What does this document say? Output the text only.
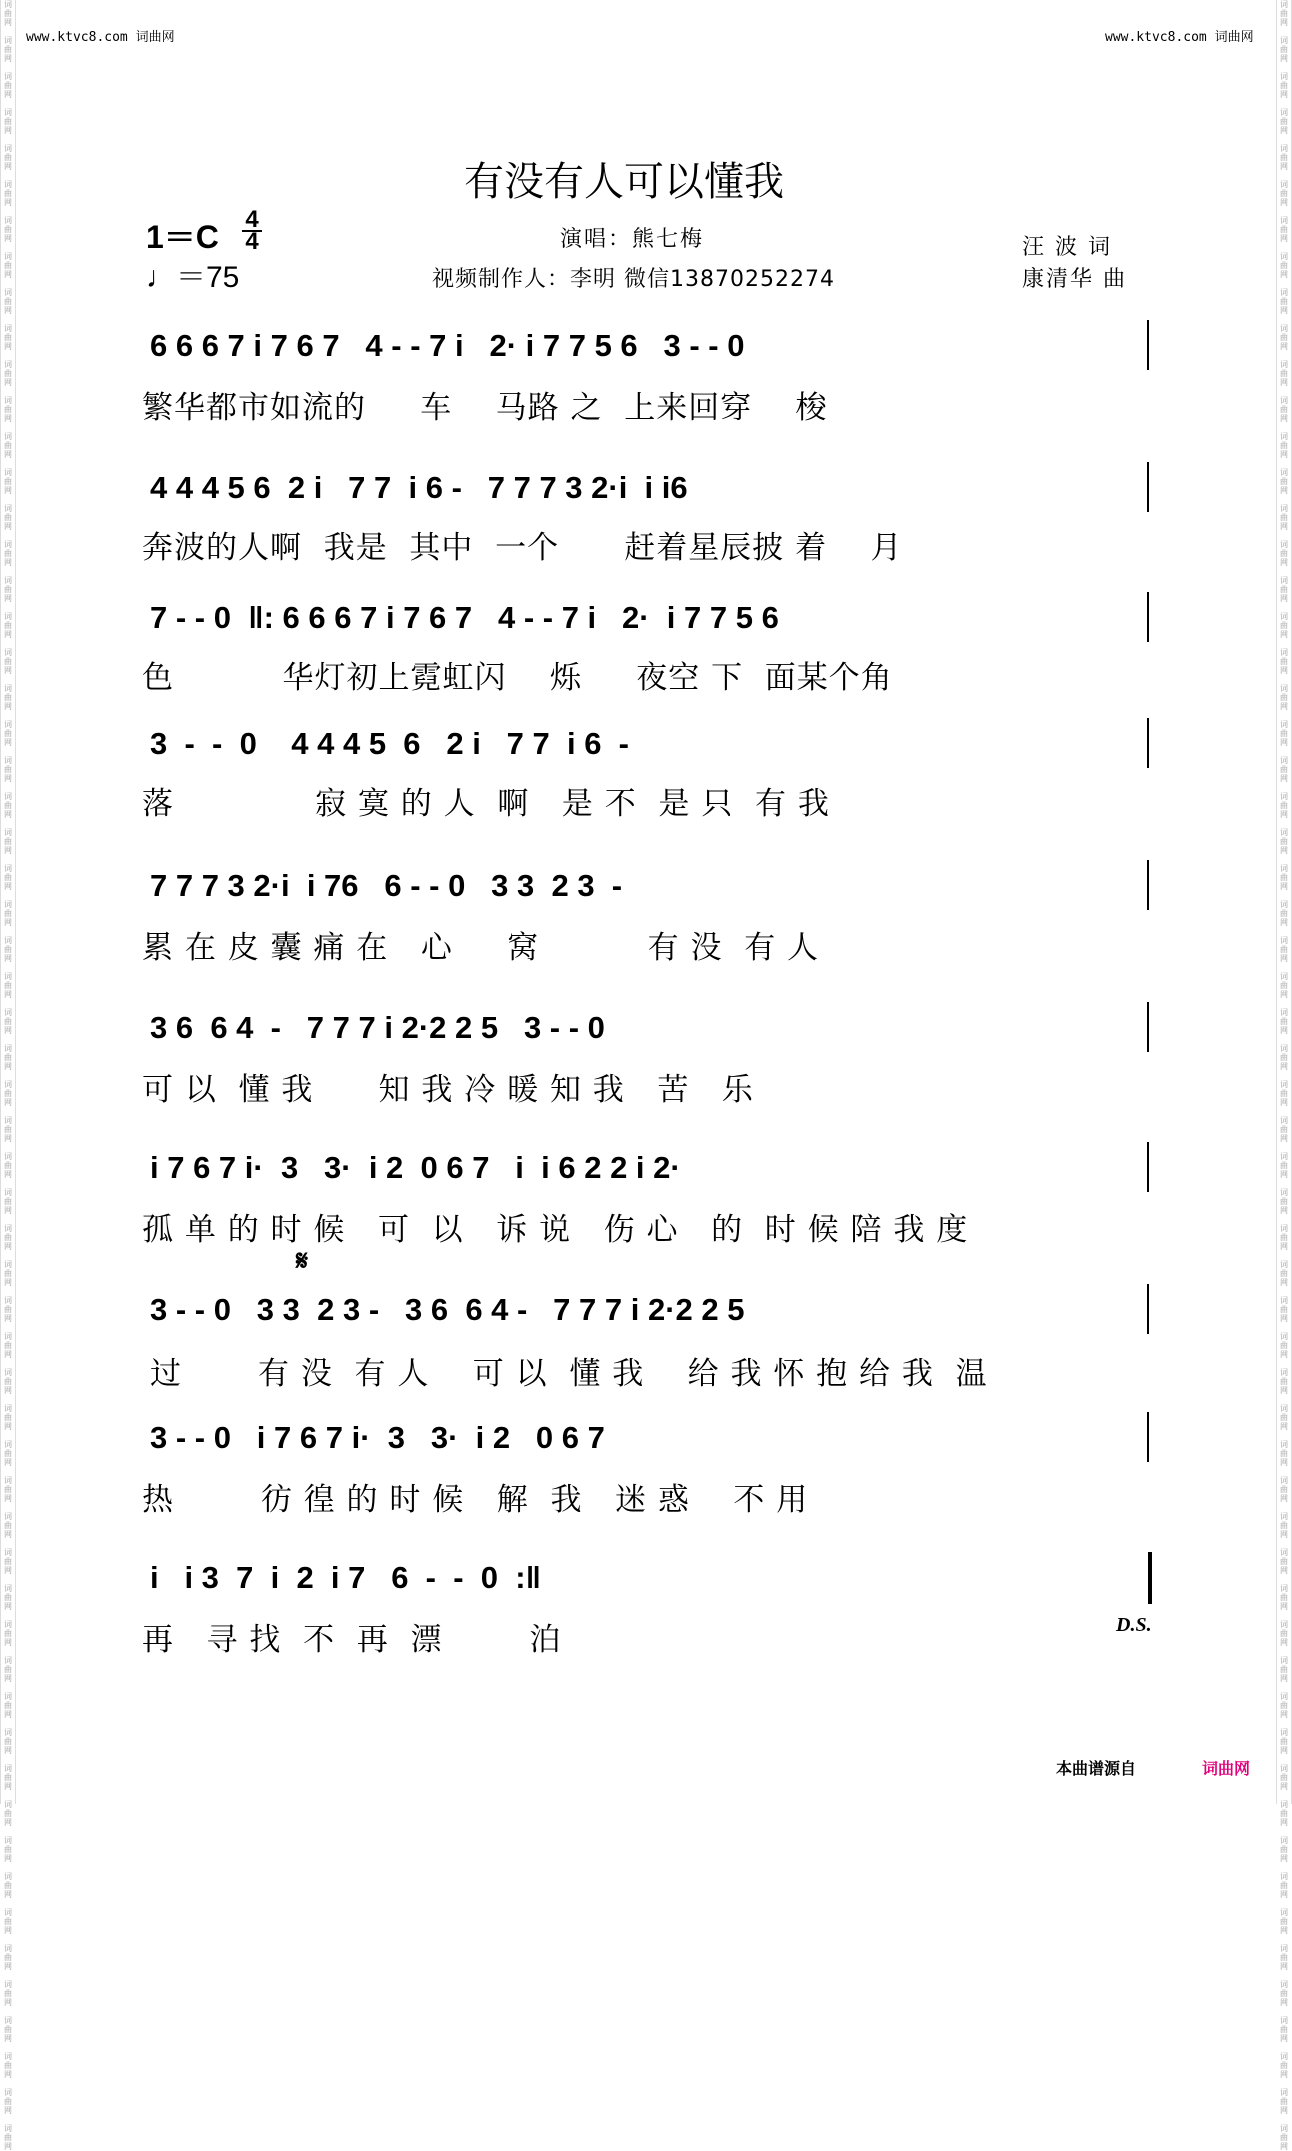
词
曲
网

词
曲
网

词
曲
网

词
曲
网

词
曲
网

词
曲
网

词
曲
网

词
曲
网

词
曲
网

词
曲
网

词
曲
网

词
曲
网

词
曲
网

词
曲
网

词
曲
网

词
曲
网

词
曲
网

词
曲
网

词
曲
网

词
曲
网

词
曲
网

词
曲
网

词
曲
网

词
曲
网

词
曲
网

词
曲
网

词
曲
网

词
曲
网

词
曲
网

词
曲
网

词
曲
网

词
曲
网

词
曲
网

词
曲
网

词
曲
网

词
曲
网

词
曲
网

词
曲
网

词
曲
网

词
曲
网

词
曲
网

词
曲
网

词
曲
网

词
曲
网

词
曲
网

词
曲
网

词
曲
网

词
曲
网

词
曲
网

词
曲
网

词
曲
网

词
曲
网

词
曲
网

词
曲
网

词
曲
网

词
曲
网

词
曲
网

词
曲
网

词
曲
网

词
曲
网

词
曲
网

词
曲
网

词
曲
网

词
曲
网

词
曲
网

词
曲
网

词
曲
网

词
曲
网

词
曲
网

词
曲
网

词
曲
网

词
曲
网

词
曲
网

词
曲
网

词
曲
网

词
曲
网

词
曲
网

词
曲
网

词
曲
网

词
曲
网

词
曲
网

词
曲
网

词
曲
网

词
曲
网

词
曲
网

词
曲
网

词
曲
网

词
曲
网

词
曲
网

词
曲
网

词
曲
网

词
曲
网

词
曲
网

词
曲
网

词
曲
网

词
曲
网

词
曲
网

词
曲
网

词
曲
网

词
曲
网

词
曲
网

词
曲
网

词
曲
网

词
曲
网

词
曲
网

词
曲
网

词
曲
网

词
曲
网

词
曲
网

词
曲
网

词
曲
网

词
曲
网

词
曲
网

词
曲
网

词
曲
网

词
曲
网

词
曲
网

词
曲
网

词
曲
网

词
曲
网

www.ktvc8.com 词曲网	www.ktvc8.com 词曲网
有没有人可以懂我
1＝C 4
4
♩＝75
演唱：熊七梅
视频制作人：李明 微信13870252274
汪 波 词
康清华 曲
6 6 6 7 i 7 6 7   4 - - 7 i   2· i 7 7 5 6   3 - - 0
繁华都市如流的     车    马路 之  上来回穿    梭
4 4 4 5 6  2 i   7 7  i 6 -   7 7 7 3 2·i  i i6
奔波的人啊  我是  其中  一个      赶着星辰披 着    月
7 - - 0  ‖: 6 6 6 7 i 7 6 7   4 - - 7 i   2·  i 7 7 5 6
色          华灯初上霓虹闪    烁     夜空 下  面某个角
3  -  -  0    4 4 4 5  6   2 i   7 7  i 6  -
落             寂 寞 的 人  啊   是 不  是 只  有 我
7 7 7 3 2·i  i 76   6 - - 0   3 3  2 3  -
累 在 皮 囊 痛 在   心     窝          有 没  有 人
3 6  6 4  -   7 7 7 i 2·2 2 5   3 - - 0
可 以  懂 我      知 我 冷 暖 知 我   苦   乐
i 7 6 7 i·  3   3·  i 2  0 6 7   i  i 6 2 2 i 2·
孤 单 的 时 候   可  以   诉 说   伤 心   的  时 候 陪 我 度
𝄋
3 - - 0   3 3  2 3 -   3 6  6 4 -   7 7 7 i 2·2 2 5
过       有 没  有 人    可 以  懂 我    给 我 怀 抱 给 我  温
3 - - 0   i 7 6 7 i·  3   3·  i 2   0 6 7
热        彷 徨 的 时 候   解  我   迷 惑    不 用
i   i 3  7  i  2  i 7   6  -  -  0  :‖
再   寻 找  不  再  漂        泊	D.S.
本曲谱源自	词曲网
